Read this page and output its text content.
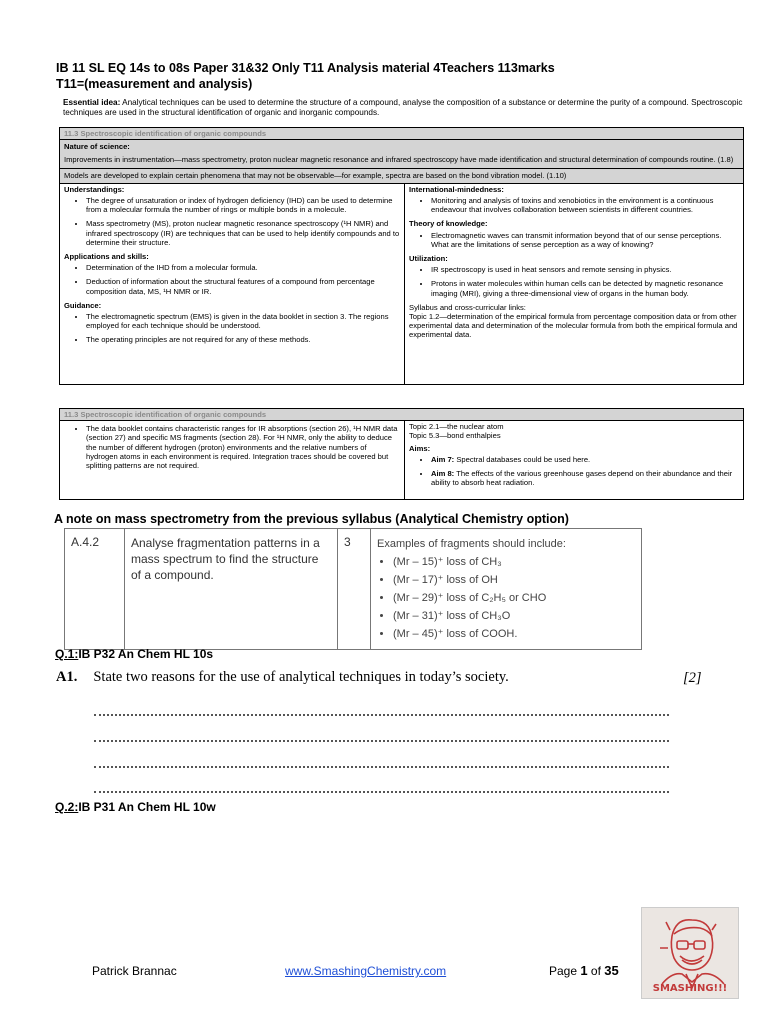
IB 11 SL EQ 14s to 08s Paper 31&32 Only T11 Analysis material 4Teachers 113marks
T11=(measurement and analysis)
Essential idea: Analytical techniques can be used to determine the structure of a compound, analyse the composition of a substance or determine the purity of a compound. Spectroscopic techniques are used in the structural identification of organic and inorganic compounds.
11.3 Spectroscopic identification of organic compounds

Nature of science:
Improvements in instrumentation—mass spectrometry, proton nuclear magnetic resonance and infrared spectroscopy have made identification and structural determination of compounds routine. (1.8)
Models are developed to explain certain phenomena that may not be observable—for example, spectra are based on the bond vibration model. (1.10)

Understandings:
• The degree of unsaturation or index of hydrogen deficiency (IHD) can be used to determine from a molecular formula the number of rings or multiple bonds in a molecule.
• Mass spectrometry (MS), proton nuclear magnetic resonance spectroscopy (¹H NMR) and infrared spectroscopy (IR) are techniques that can be used to help identify compounds and to determine their structure.
Applications and skills:
• Determination of the IHD from a molecular formula.
• Deduction of information about the structural features of a compound from percentage composition data, MS, ¹H NMR or IR.
Guidance:
• The electromagnetic spectrum (EMS) is given in the data booklet in section 3. The regions employed for each technique should be understood.
• The operating principles are not required for any of these methods.

International-mindedness:
• Monitoring and analysis of toxins and xenobiotics in the environment is a continuous endeavour that involves collaboration between scientists in different countries.
Theory of knowledge:
• Electromagnetic waves can transmit information beyond that of our sense perceptions. What are the limitations of sense perception as a way of knowing?
Utilization:
• IR spectroscopy is used in heat sensors and remote sensing in physics.
• Protons in water molecules within human cells can be detected by magnetic resonance imaging (MRI), giving a three-dimensional view of organs in the human body.
Syllabus and cross-curricular links:
Topic 1.2—determination of the empirical formula from percentage composition data or from other experimental data and determination of the molecular formula from both the empirical formula and experimental data.
11.3 Spectroscopic identification of organic compounds

• The data booklet contains characteristic ranges for IR absorptions (section 26), ¹H NMR data (section 27) and specific MS fragments (section 28). For ¹H NMR, only the ability to deduce the number of different hydrogen (proton) environments and the relative numbers of hydrogen atoms in each environment is required. Integration traces should be covered but splitting patterns are not required.

Topic 2.1—the nuclear atom
Topic 5.3—bond enthalpies
Aims:
• Aim 7: Spectral databases could be used here.
• Aim 8: The effects of the various greenhouse gases depend on their abundance and their ability to absorb heat radiation.
A note on mass spectrometry from the previous syllabus (Analytical Chemistry option)
A.4.2	Analyse fragmentation patterns in a mass spectrum to find the structure of a compound.	3	Examples of fragments should include:
• (Mr – 15)⁺ loss of CH₃
• (Mr – 17)⁺ loss of OH
• (Mr – 29)⁺ loss of C₂H₅ or CHO
• (Mr – 31)⁺ loss of CH₃O
• (Mr – 45)⁺ loss of COOH.
Q.1:IB P32 An Chem HL 10s
A1. State two reasons for the use of analytical techniques in today’s society.	[2]
Q.2:IB P31 An Chem HL 10w
Patrick Brannac	www.SmashingChemistry.com	Page 1 of 35
SMASHING!!!
